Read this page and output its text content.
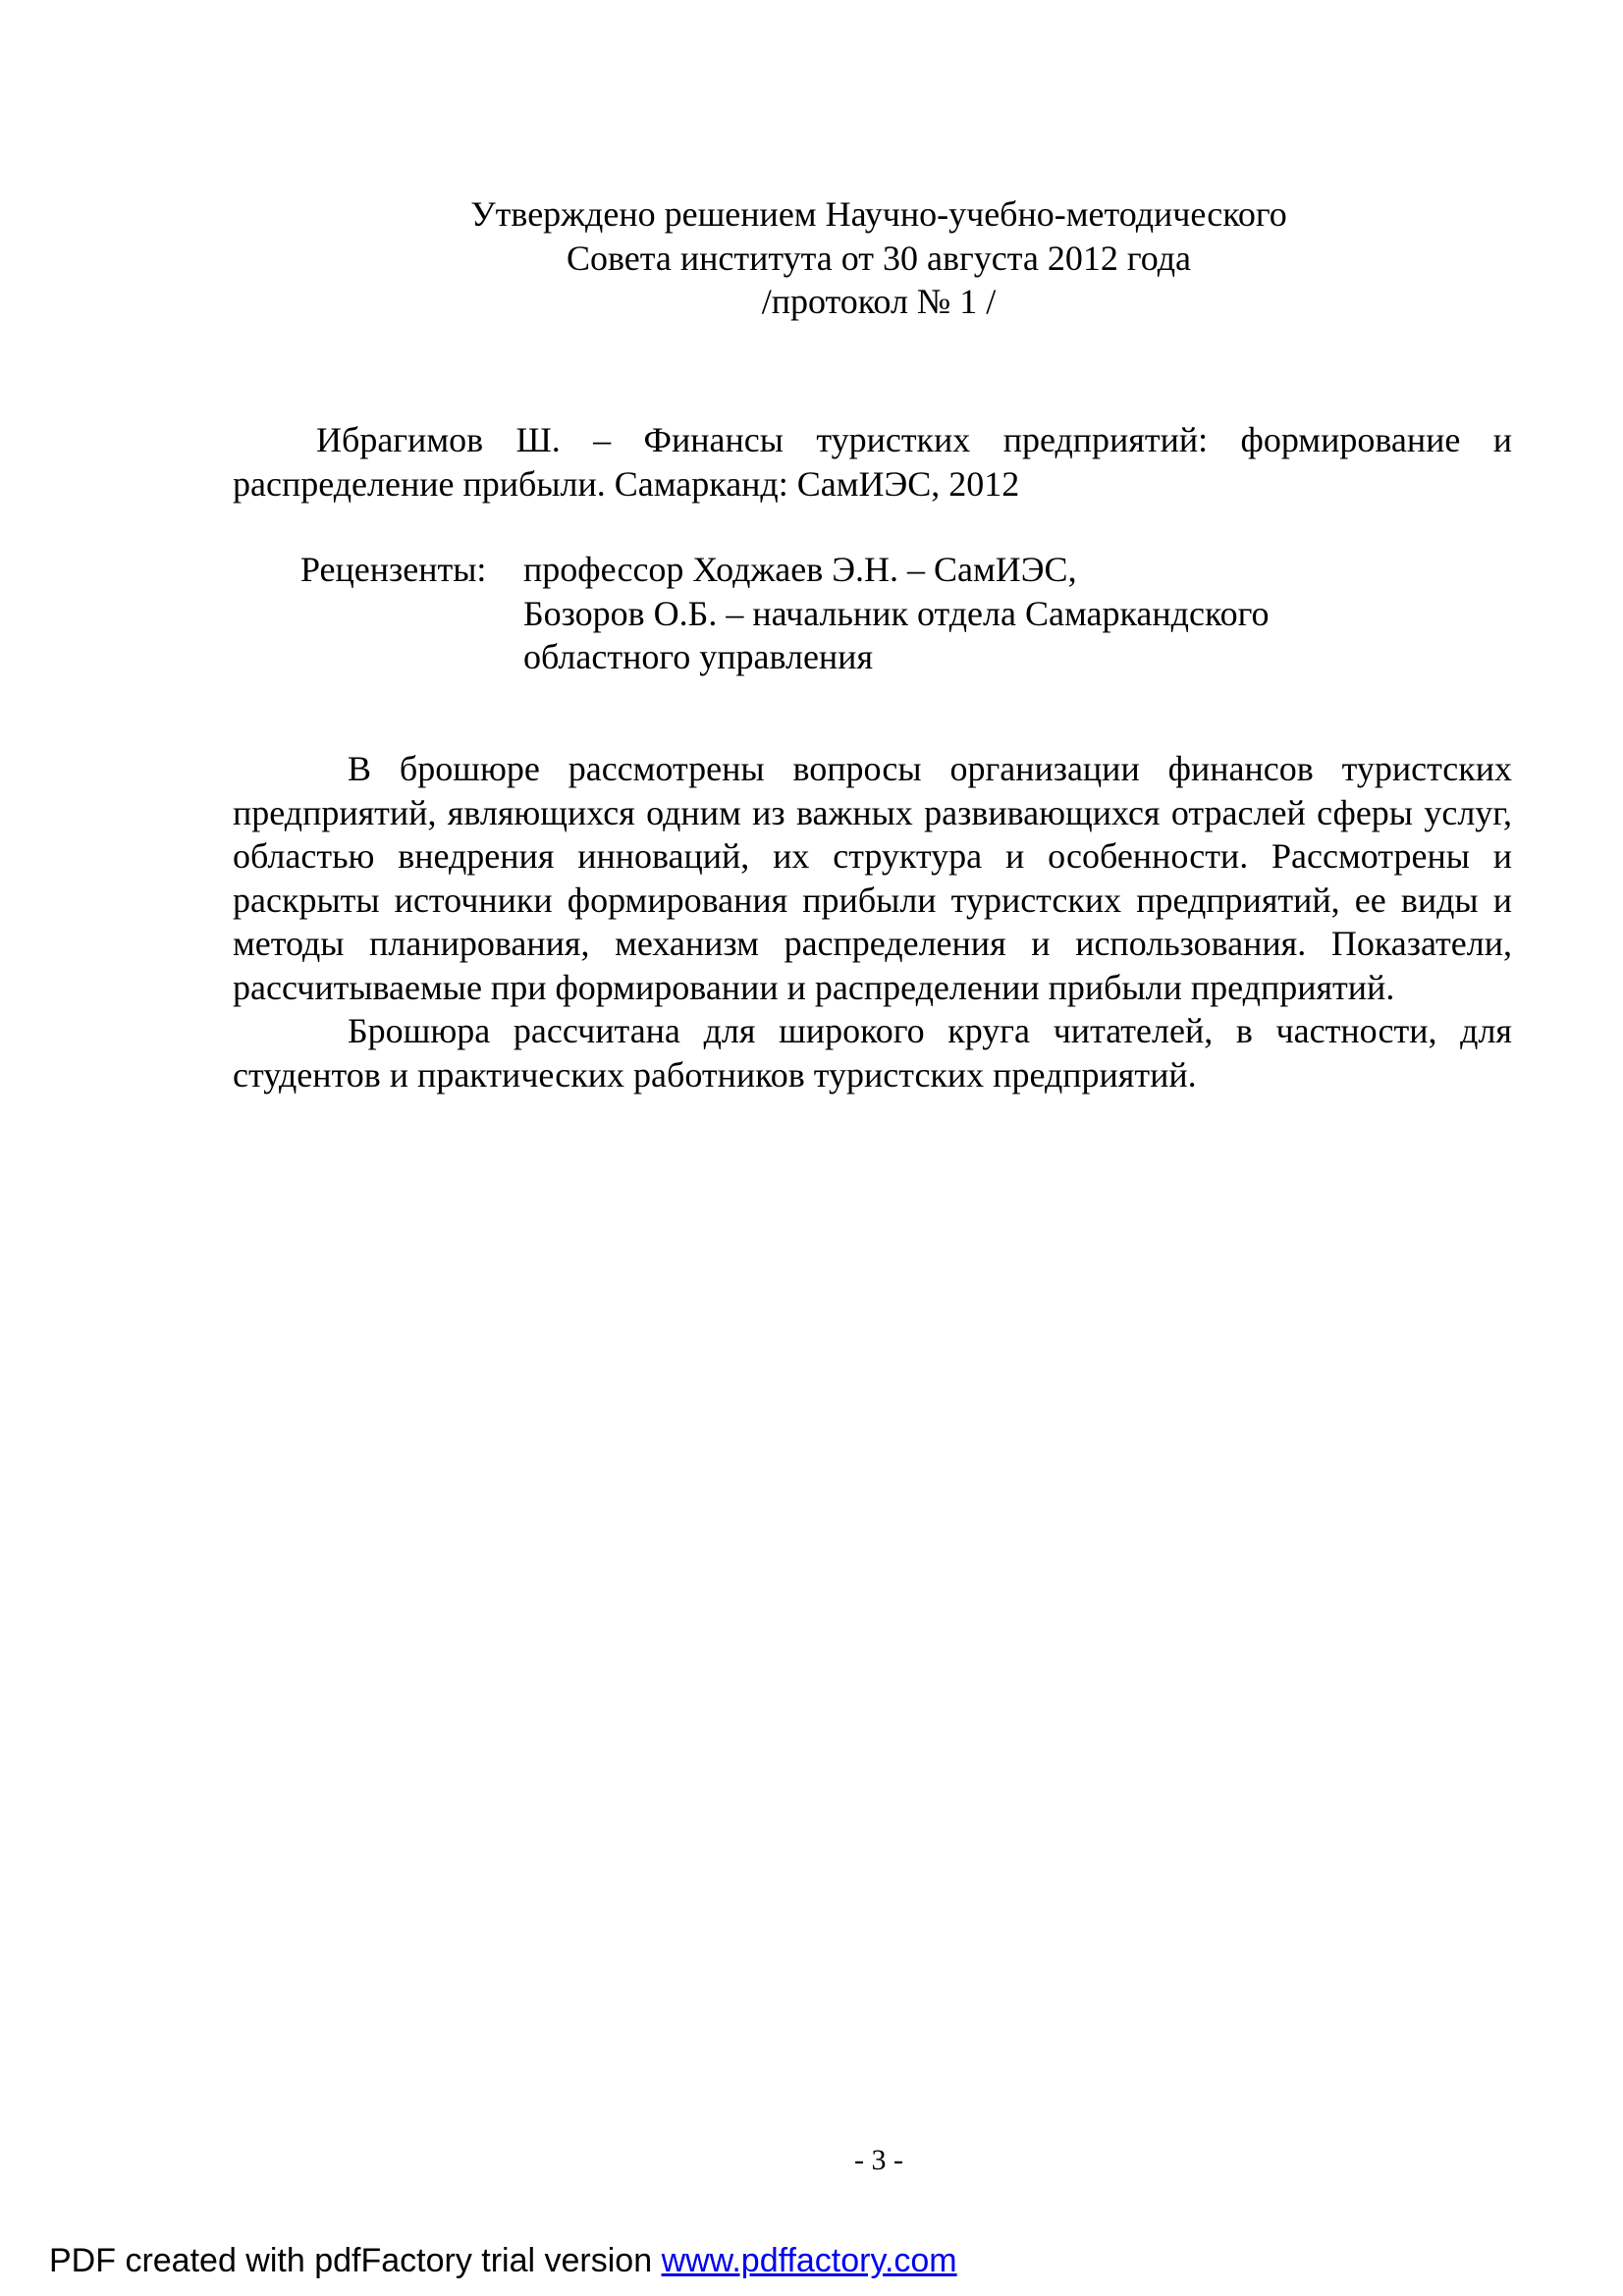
Утверждено решением Научно-учебно-методического
Совета института от 30 августа 2012 года
/протокол № 1 /
Ибрагимов Ш. – Финансы туристких предприятий: формирование и распределение прибыли. Самарканд: СамИЭС, 2012
Рецензенты: профессор Ходжаев Э.Н. – СамИЭС,
Бозоров О.Б. – начальник отдела Самаркандского
областного управления

В брошюре рассмотрены вопросы организации финансов туристских предприятий, являющихся одним из важных развивающихся отраслей сферы услуг, областью внедрения инноваций, их структура и особенности. Рассмотрены и раскрыты источники формирования прибыли туристских предприятий, ее виды и методы планирования, механизм распределения и использования. Показатели, рассчитываемые при формировании и распределении прибыли предприятий.

Брошюра рассчитана для широкого круга читателей, в частности, для студентов и практических работников туристских предприятий.

- 3 -
PDF created with pdfFactory trial version www.pdffactory.com
